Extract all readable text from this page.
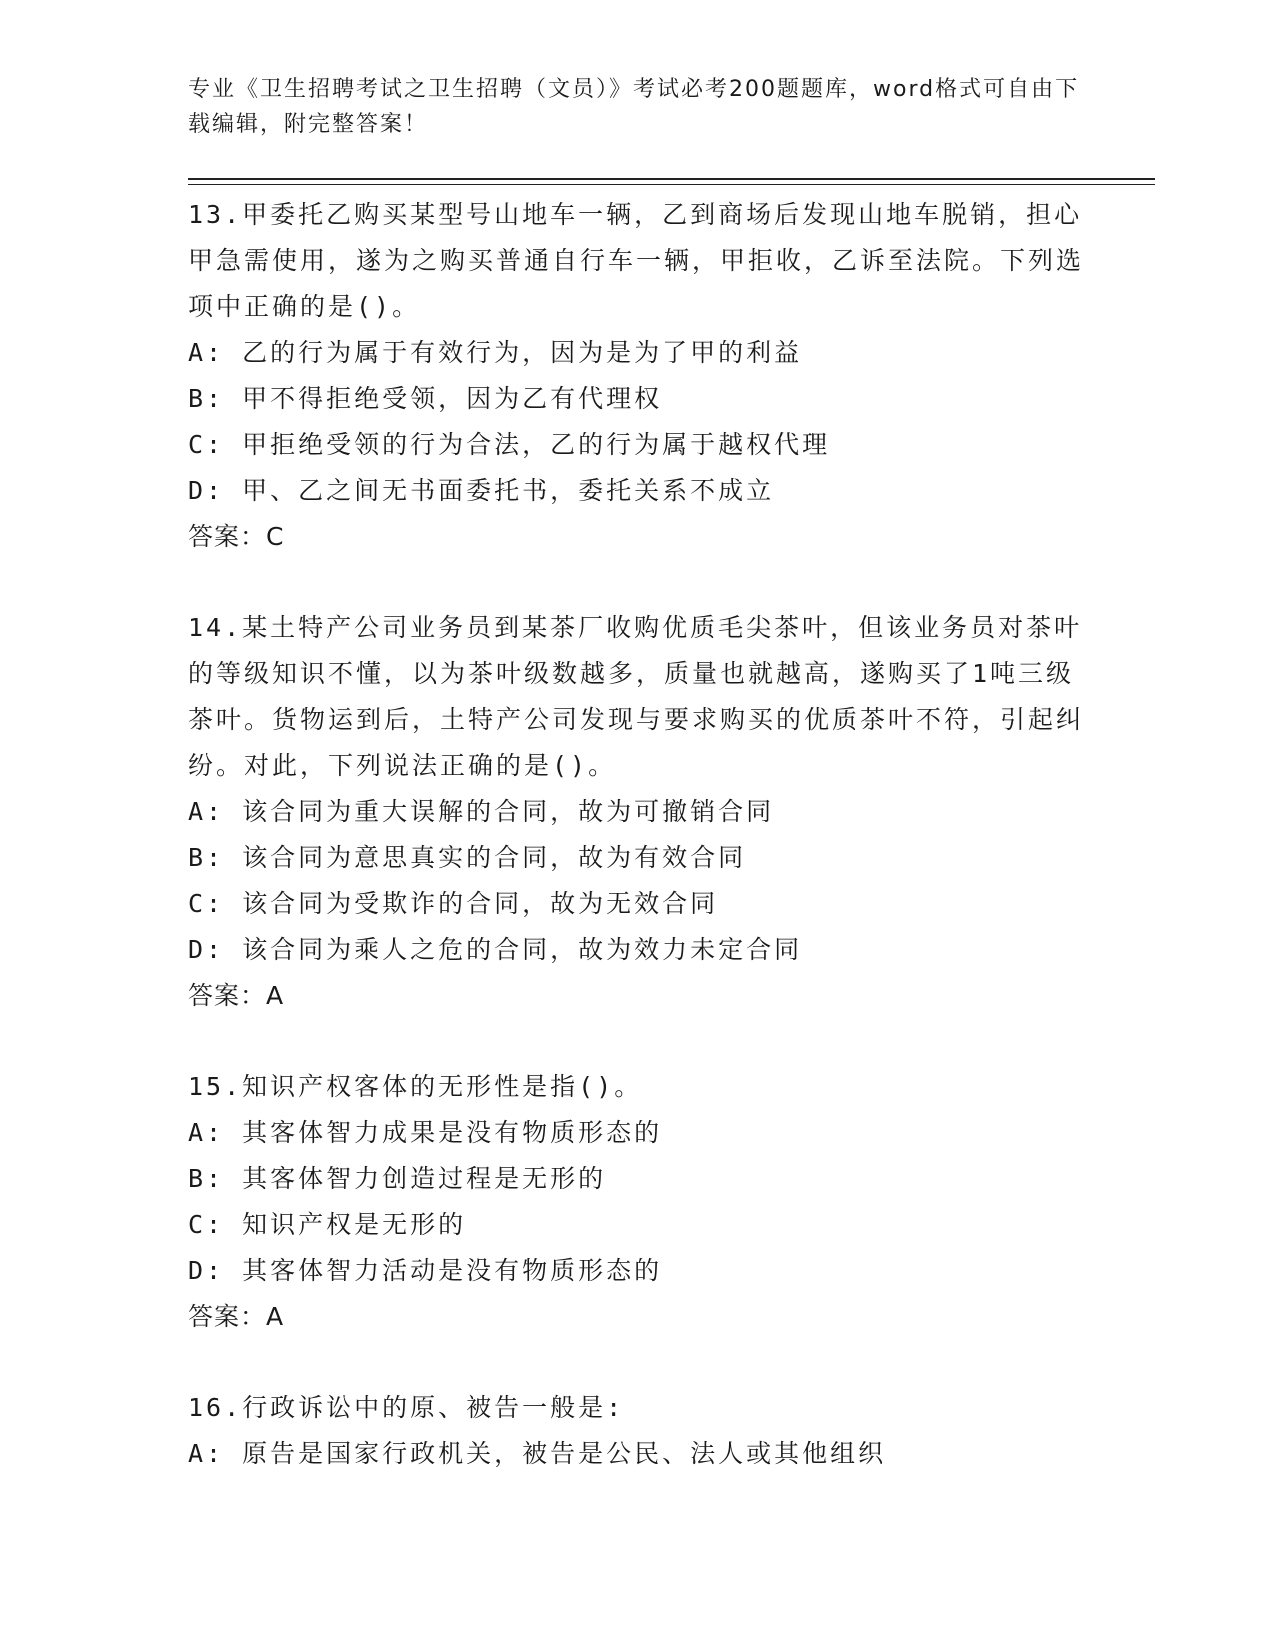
专业《卫生招聘考试之卫生招聘（文员）》考试必考200题题库，word格式可自由下载编辑，附完整答案！

13.甲委托乙购买某型号山地车一辆，乙到商场后发现山地车脱销，担心甲急需使用，遂为之购买普通自行车一辆，甲拒收，乙诉至法院。下列选项中正确的是()。

A: 乙的行为属于有效行为，因为是为了甲的利益

B: 甲不得拒绝受领，因为乙有代理权

C: 甲拒绝受领的行为合法，乙的行为属于越权代理

D: 甲、乙之间无书面委托书，委托关系不成立

答案：C

14.某土特产公司业务员到某茶厂收购优质毛尖茶叶，但该业务员对茶叶的等级知识不懂，以为茶叶级数越多，质量也就越高，遂购买了1吨三级茶叶。货物运到后，土特产公司发现与要求购买的优质茶叶不符，引起纠纷。对此，下列说法正确的是()。

A: 该合同为重大误解的合同，故为可撤销合同

B: 该合同为意思真实的合同，故为有效合同

C: 该合同为受欺诈的合同，故为无效合同

D: 该合同为乘人之危的合同，故为效力未定合同

答案：A

15.知识产权客体的无形性是指()。

A: 其客体智力成果是没有物质形态的

B: 其客体智力创造过程是无形的

C: 知识产权是无形的

D: 其客体智力活动是没有物质形态的

答案：A

16.行政诉讼中的原、被告一般是:

A: 原告是国家行政机关，被告是公民、法人或其他组织
